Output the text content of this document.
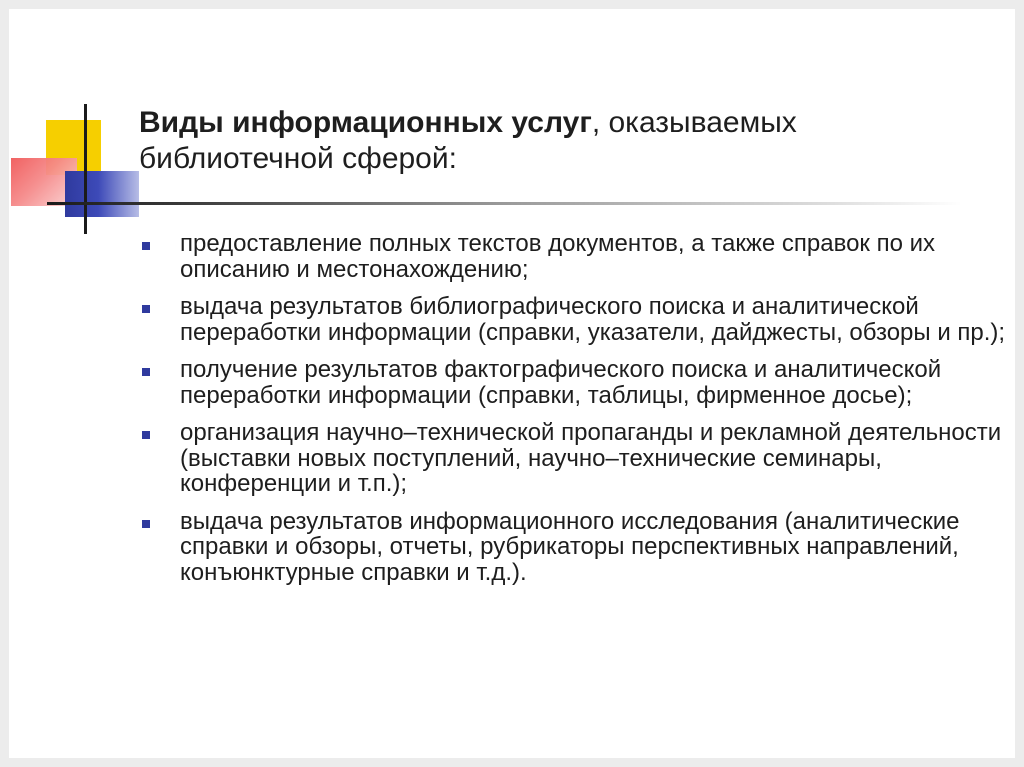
Виды информационных услуг, оказываемых библиотечной сферой:
предоставление полных текстов документов, а также справок по их описанию и местонахождению;
выдача результатов библиографического поиска и аналитической переработки информации (справки, указатели, дайджесты, обзоры и пр.);
получение результатов фактографического поиска и аналитической переработки информации (справки, таблицы, фирменное досье);
организация научно–технической пропаганды и рекламной деятельности (выставки новых поступлений, научно–технические семинары, конференции и т.п.);
выдача результатов информационного исследования (аналитические справки и обзоры, отчеты, рубрикаторы перспективных направлений, конъюнктурные справки и т.д.).
